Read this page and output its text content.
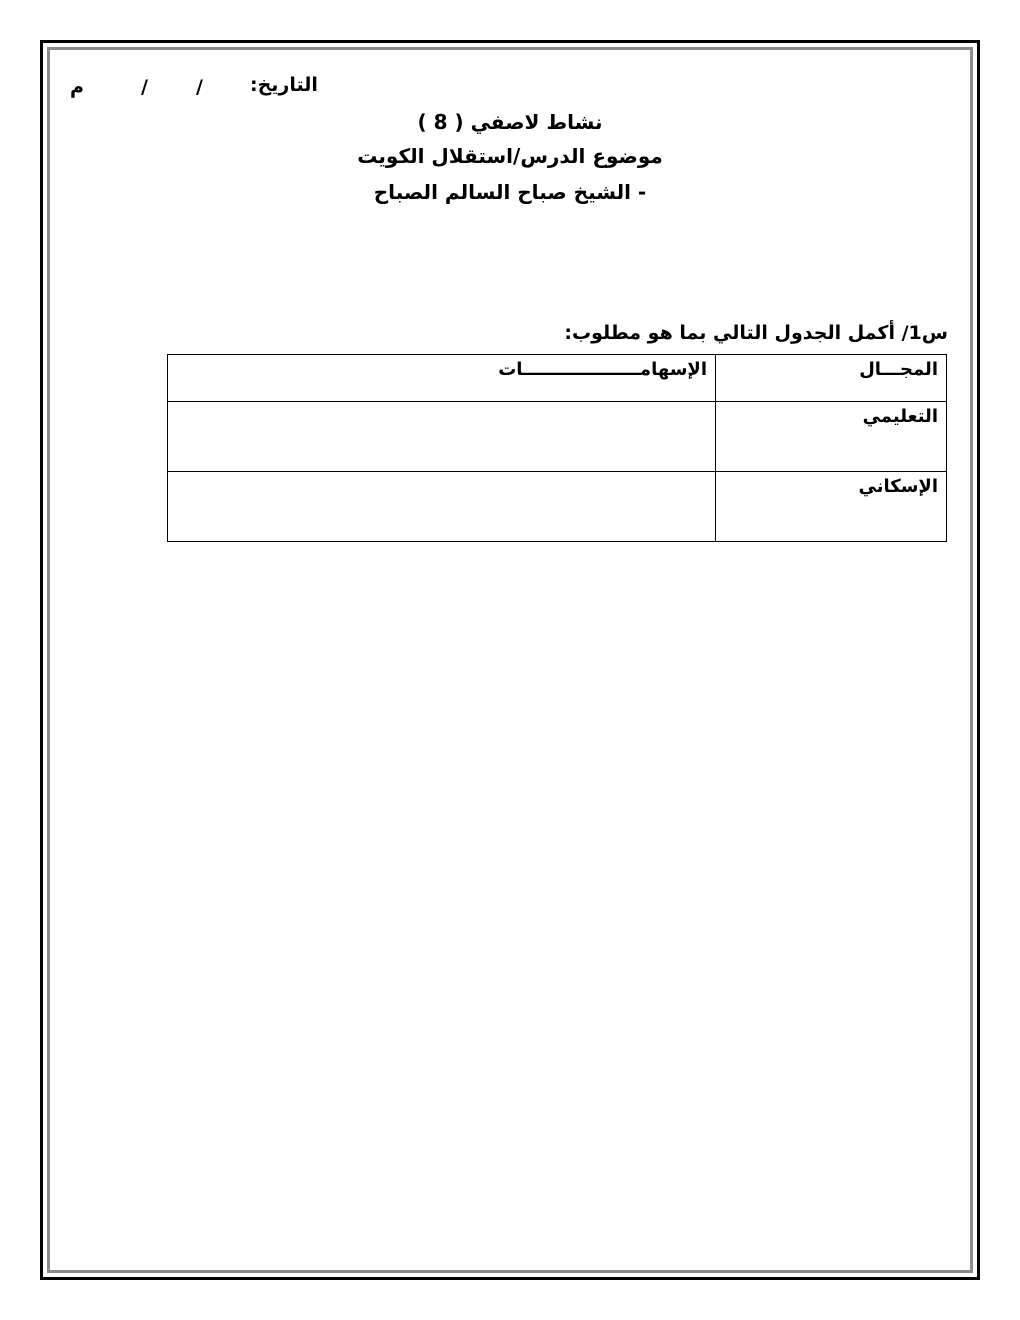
التاريخ:
/
/
م
نشاط لاصفي ( 8 )
موضوع الدرس/استقلال الكويت
- الشيخ صباح السالم الصباح
س1/ أكمل الجدول التالي بما هو مطلوب:
المجـــال	الإسهامـــــــــــــــــــات
التعليمي	
الإسكاني	
